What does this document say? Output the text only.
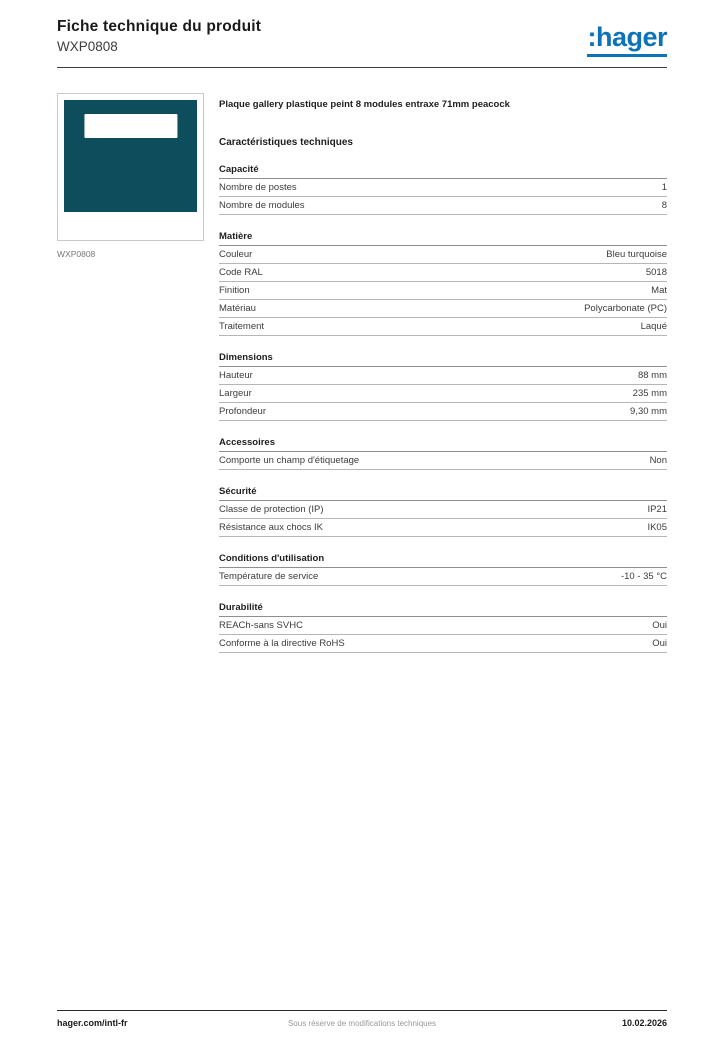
Fiche technique du produit
WXP0808	:hager
WXP0808
Plaque gallery plastique peint 8 modules entraxe 71mm peacock
Caractéristiques techniques
Capacité
Nombre de postes	1
Nombre de modules	8
Matière
Couleur	Bleu turquoise
Code RAL	5018
Finition	Mat
Matériau	Polycarbonate (PC)
Traitement	Laqué
Dimensions
Hauteur	88 mm
Largeur	235 mm
Profondeur	9,30 mm
Accessoires
Comporte un champ d'étiquetage	Non
Sécurité
Classe de protection (IP)	IP21
Résistance aux chocs IK	IK05
Conditions d'utilisation
Température de service	-10 - 35 °C
Durabilité
REACh-sans SVHC	Oui
Conforme à la directive RoHS	Oui
hager.com/intl-fr	Sous réserve de modifications techniques	10.02.2026
